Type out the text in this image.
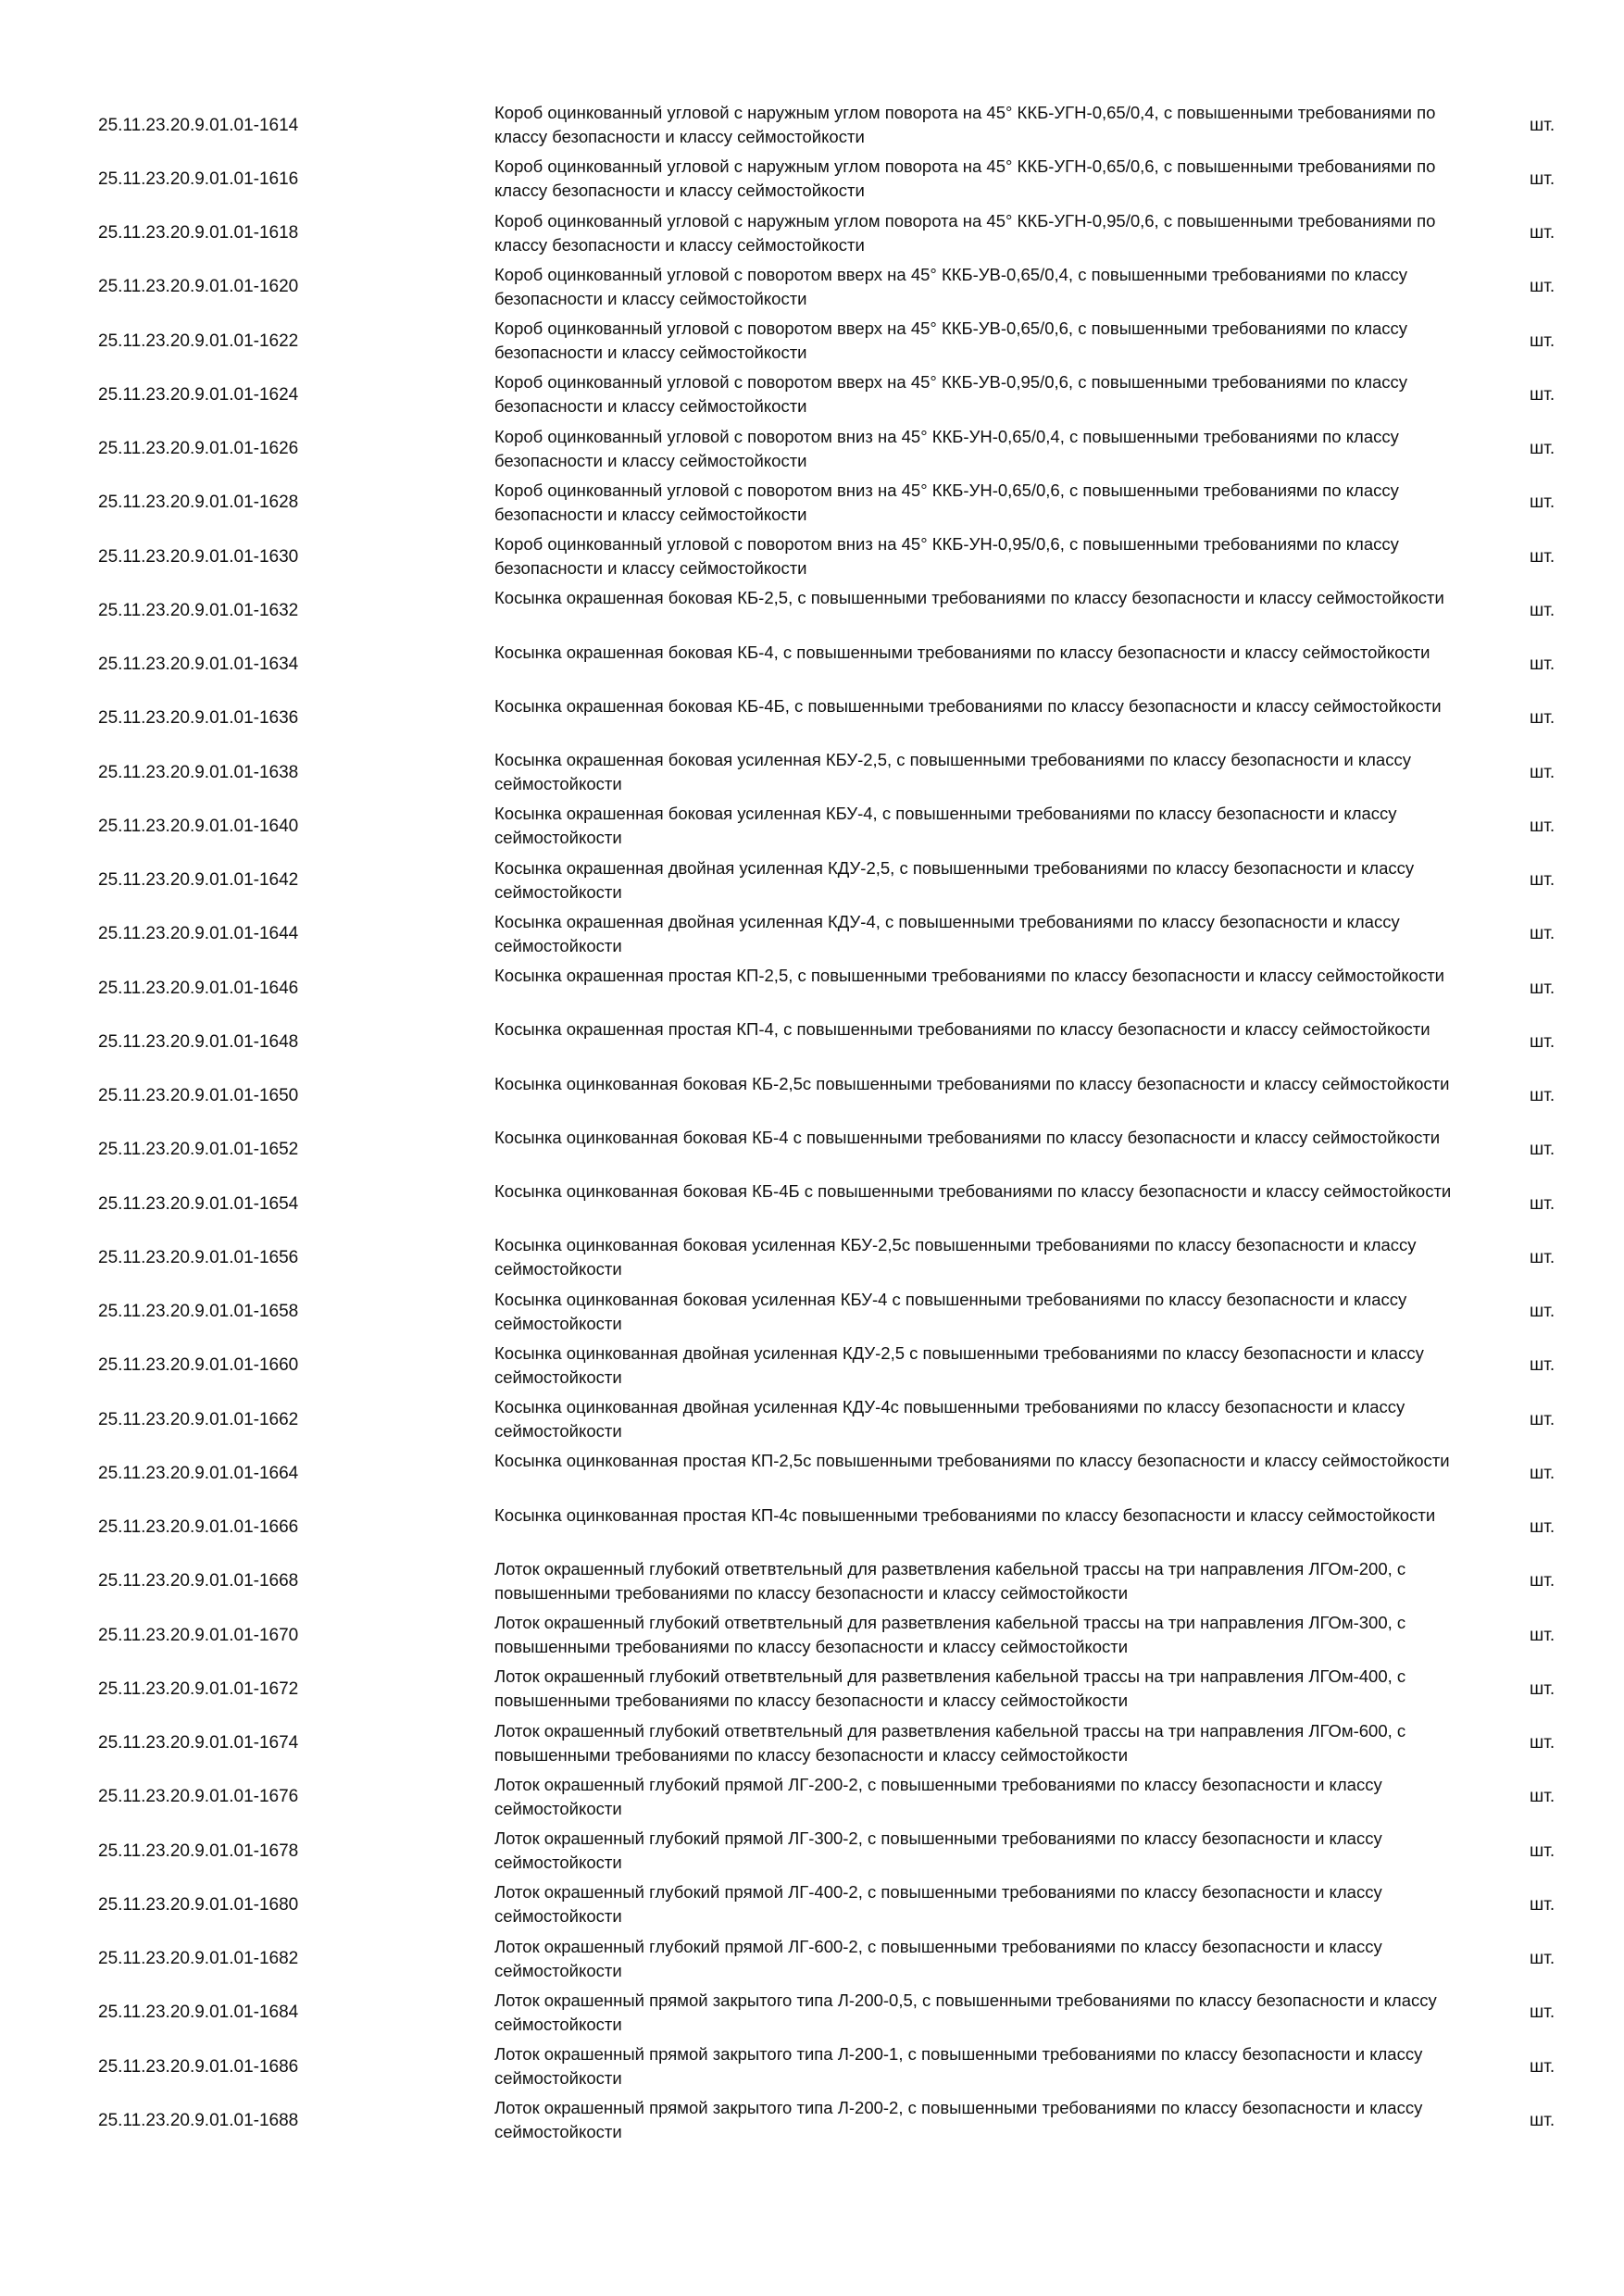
25.11.23.20.9.01.01-1614
Короб оцинкованный угловой с наружным углом поворота на 45° ККБ-УГН-0,65/0,4, с повышенными требованиями по классу безопасности и классу сеймостойкости
шт.
25.11.23.20.9.01.01-1616
Короб оцинкованный угловой с наружным углом поворота на 45° ККБ-УГН-0,65/0,6, с повышенными требованиями по классу безопасности и классу сеймостойкости
шт.
25.11.23.20.9.01.01-1618
Короб оцинкованный угловой с наружным углом поворота на 45° ККБ-УГН-0,95/0,6, с повышенными требованиями по классу безопасности и классу сеймостойкости
шт.
25.11.23.20.9.01.01-1620
Короб оцинкованный угловой с поворотом вверх на 45° ККБ-УВ-0,65/0,4, с повышенными требованиями по классу безопасности и классу сеймостойкости
шт.
25.11.23.20.9.01.01-1622
Короб оцинкованный угловой с поворотом вверх на 45° ККБ-УВ-0,65/0,6, с повышенными требованиями по классу безопасности и классу сеймостойкости
шт.
25.11.23.20.9.01.01-1624
Короб оцинкованный угловой с поворотом вверх на 45° ККБ-УВ-0,95/0,6, с повышенными требованиями по классу безопасности и классу сеймостойкости
шт.
25.11.23.20.9.01.01-1626
Короб оцинкованный угловой с поворотом вниз на 45° ККБ-УН-0,65/0,4, с повышенными требованиями по классу безопасности и классу сеймостойкости
шт.
25.11.23.20.9.01.01-1628
Короб оцинкованный угловой с поворотом вниз на 45° ККБ-УН-0,65/0,6, с повышенными требованиями по классу безопасности и классу сеймостойкости
шт.
25.11.23.20.9.01.01-1630
Короб оцинкованный угловой с поворотом вниз на 45° ККБ-УН-0,95/0,6, с повышенными требованиями по классу безопасности и классу сеймостойкости
шт.
25.11.23.20.9.01.01-1632
Косынка окрашенная боковая КБ-2,5, с повышенными требованиями по классу безопасности и классу сеймостойкости
шт.
25.11.23.20.9.01.01-1634
Косынка окрашенная боковая КБ-4, с повышенными требованиями по классу безопасности и классу сеймостойкости
шт.
25.11.23.20.9.01.01-1636
Косынка окрашенная боковая КБ-4Б, с повышенными требованиями по классу безопасности и классу сеймостойкости
шт.
25.11.23.20.9.01.01-1638
Косынка окрашенная боковая усиленная КБУ-2,5, с повышенными требованиями по классу безопасности и классу сеймостойкости
шт.
25.11.23.20.9.01.01-1640
Косынка окрашенная боковая усиленная КБУ-4, с повышенными требованиями по классу безопасности и классу сеймостойкости
шт.
25.11.23.20.9.01.01-1642
Косынка окрашенная двойная усиленная КДУ-2,5, с повышенными требованиями по классу безопасности и классу сеймостойкости
шт.
25.11.23.20.9.01.01-1644
Косынка окрашенная двойная усиленная КДУ-4, с повышенными требованиями по классу безопасности и классу сеймостойкости
шт.
25.11.23.20.9.01.01-1646
Косынка окрашенная простая КП-2,5, с повышенными требованиями по классу безопасности и классу сеймостойкости
шт.
25.11.23.20.9.01.01-1648
Косынка окрашенная простая КП-4, с повышенными требованиями по классу безопасности и классу сеймостойкости
шт.
25.11.23.20.9.01.01-1650
Косынка оцинкованная боковая КБ-2,5с повышенными требованиями по классу безопасности и классу сеймостойкости
шт.
25.11.23.20.9.01.01-1652
Косынка оцинкованная боковая КБ-4 с повышенными требованиями по классу безопасности и классу сеймостойкости
шт.
25.11.23.20.9.01.01-1654
Косынка оцинкованная боковая КБ-4Б с повышенными требованиями по классу безопасности и классу сеймостойкости
шт.
25.11.23.20.9.01.01-1656
Косынка оцинкованная боковая усиленная КБУ-2,5с повышенными требованиями по классу безопасности и классу сеймостойкости
шт.
25.11.23.20.9.01.01-1658
Косынка оцинкованная боковая усиленная КБУ-4 с повышенными требованиями по классу безопасности и классу сеймостойкости
шт.
25.11.23.20.9.01.01-1660
Косынка оцинкованная двойная усиленная КДУ-2,5 с повышенными требованиями по классу безопасности и классу сеймостойкости
шт.
25.11.23.20.9.01.01-1662
Косынка оцинкованная двойная усиленная КДУ-4с повышенными требованиями по классу безопасности и классу сеймостойкости
шт.
25.11.23.20.9.01.01-1664
Косынка оцинкованная простая КП-2,5с повышенными требованиями по классу безопасности и классу сеймостойкости
шт.
25.11.23.20.9.01.01-1666
Косынка оцинкованная простая КП-4с повышенными требованиями по классу безопасности и классу сеймостойкости
шт.
25.11.23.20.9.01.01-1668
Лоток окрашенный глубокий ответвтельный для разветвления кабельной трассы на три направления ЛГОм-200, с повышенными требованиями по классу безопасности и классу сеймостойкости
шт.
25.11.23.20.9.01.01-1670
Лоток окрашенный глубокий ответвтельный для разветвления кабельной трассы на три направления ЛГОм-300, с повышенными требованиями по классу безопасности и классу сеймостойкости
шт.
25.11.23.20.9.01.01-1672
Лоток окрашенный глубокий ответвтельный для разветвления кабельной трассы на три направления ЛГОм-400, с повышенными требованиями по классу безопасности и классу сеймостойкости
шт.
25.11.23.20.9.01.01-1674
Лоток окрашенный глубокий ответвтельный для разветвления кабельной трассы на три направления ЛГОм-600, с повышенными требованиями по классу безопасности и классу сеймостойкости
шт.
25.11.23.20.9.01.01-1676
Лоток окрашенный глубокий прямой ЛГ-200-2, с повышенными требованиями по классу безопасности и классу сеймостойкости
шт.
25.11.23.20.9.01.01-1678
Лоток окрашенный глубокий прямой ЛГ-300-2, с повышенными требованиями по классу безопасности и классу сеймостойкости
шт.
25.11.23.20.9.01.01-1680
Лоток окрашенный глубокий прямой ЛГ-400-2, с повышенными требованиями по классу безопасности и классу сеймостойкости
шт.
25.11.23.20.9.01.01-1682
Лоток окрашенный глубокий прямой ЛГ-600-2, с повышенными требованиями по классу безопасности и классу сеймостойкости
шт.
25.11.23.20.9.01.01-1684
Лоток окрашенный прямой закрытого типа Л-200-0,5, с повышенными требованиями по классу безопасности и классу сеймостойкости
шт.
25.11.23.20.9.01.01-1686
Лоток окрашенный прямой закрытого типа Л-200-1, с повышенными требованиями по классу безопасности и классу сеймостойкости
шт.
25.11.23.20.9.01.01-1688
Лоток окрашенный прямой закрытого типа Л-200-2, с повышенными требованиями по классу безопасности и классу сеймостойкости
шт.
